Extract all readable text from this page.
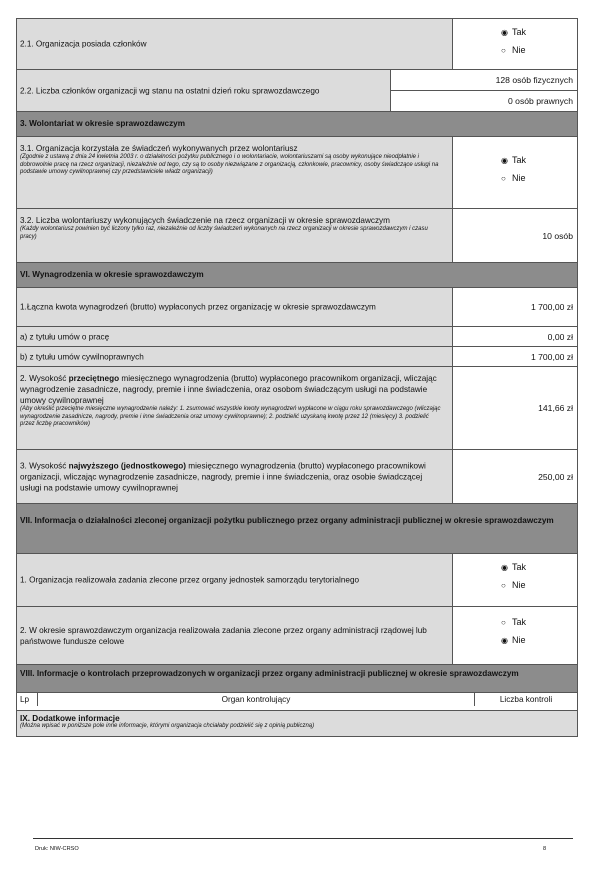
2.1. Organizacja posiada członków
◉ Tak
○ Nie
2.2. Liczba członków organizacji wg stanu na ostatni dzień roku sprawozdawczego
128 osób fizycznych
0 osób prawnych
3. Wolontariat w okresie sprawozdawczym
3.1. Organizacja korzystała ze świadczeń wykonywanych przez wolontariusz
(Zgodnie z ustawą z dnia 24 kwietnia 2003 r. o działalności pożytku publicznego i o wolontariacie, wolontariuszami są osoby wykonujące nieodpłatnie i dobrowolnie pracę na rzecz organizacji, niezależnie od tego, czy są to osoby niezwiązane z organizacją, członkowie, pracownicy, osoby świadczące usługi na podstawie umowy cywilnoprawnej czy przedstawiciele władz organizacji)
◉ Tak
○ Nie
3.2. Liczba wolontariuszy wykonujących świadczenie na rzecz organizacji w okresie sprawozdawczym
(Każdy wolontariusz powinien być liczony tylko raz, niezależnie od liczby świadczeń wykonanych na rzecz organizacji w okresie sprawozdawczym i czasu pracy)	10 osób
VI. Wynagrodzenia w okresie sprawozdawczym
1.Łączna kwota wynagrodzeń (brutto) wypłaconych przez organizację w okresie sprawozdawczym	1 700,00 zł
a) z tytułu umów o pracę	0,00 zł
b) z tytułu umów cywilnoprawnych	1 700,00 zł
2. Wysokość przeciętnego miesięcznego wynagrodzenia (brutto) wypłaconego pracownikom organizacji, wliczając wynagrodzenie zasadnicze, nagrody, premie i inne świadczenia, oraz osobom świadczącym usługi na podstawie umowy cywilnoprawnej
(Aby określić przeciętne miesięczne wynagrodzenie należy: 1. zsumować wszystkie kwoty wynagrodzeń wypłacone w ciągu roku sprawozdawczego (wliczając wynagrodzenie zasadnicze, nagrody, premie i inne świadczenia oraz umowy cywilnoprawne); 2. podzielić uzyskaną kwotę przez 12 (miesięcy) 3. podzielić przez liczbę pracowników)
141,66 zł
3. Wysokość najwyższego (jednostkowego) miesięcznego wynagrodzenia (brutto) wypłaconego pracownikowi organizacji, wliczając wynagrodzenie zasadnicze, nagrody, premie i inne świadczenia, oraz osobie świadczącej usługi na podstawie umowy cywilnoprawnej
250,00 zł
VII. Informacja o działalności zleconej organizacji pożytku publicznego przez organy administracji publicznej w okresie sprawozdawczym
1. Organizacja realizowała zadania zlecone przez organy jednostek samorządu terytorialnego
◉ Tak
○ Nie
2. W okresie sprawozdawczym organizacja realizowała zadania zlecone przez organy administracji rządowej lub państwowe fundusze celowe
○ Tak
◉ Nie
VIII. Informacje o kontrolach przeprowadzonych w organizacji przez organy administracji publicznej w okresie sprawozdawczym
Lp	Organ kontrolujący	Liczba kontroli
IX. Dodatkowe informacje
(Można wpisać w poniższe pole inne informacje, którymi organizacja chciałaby podzielić się z opinią publiczną)
Druk: NIW-CRSO	8
